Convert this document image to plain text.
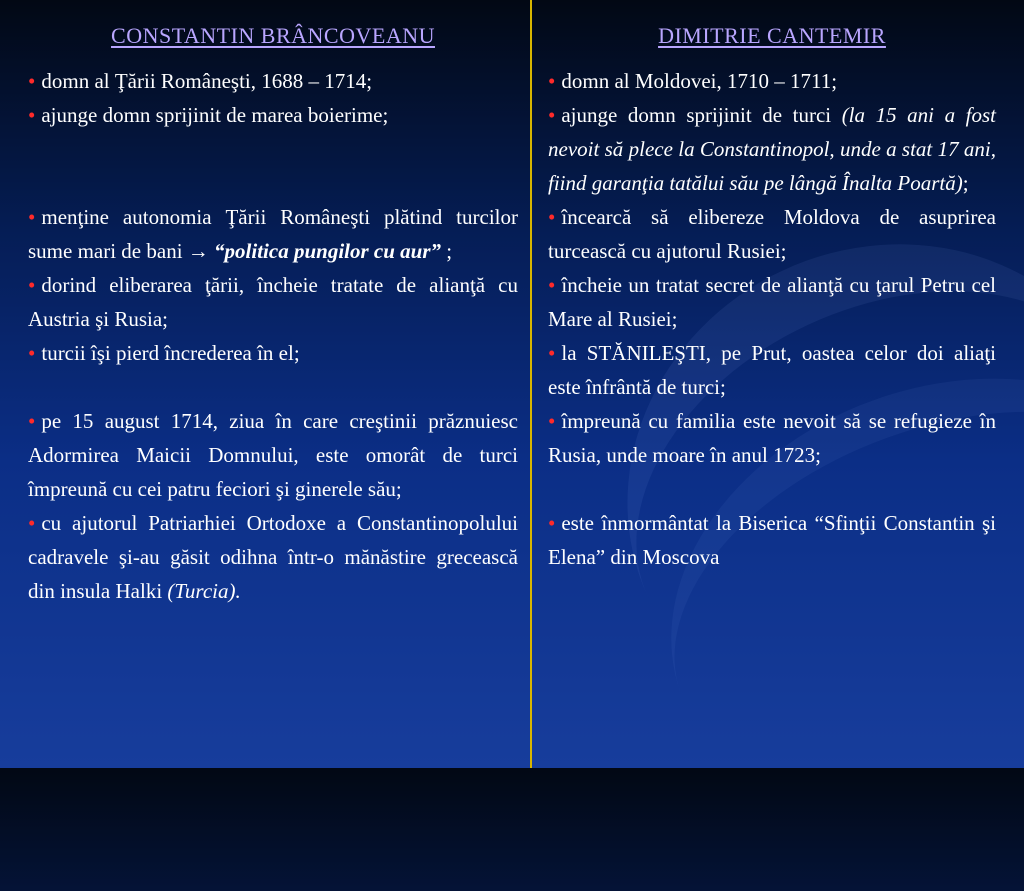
CONSTANTIN BRÂNCOVEANU

• domn al Ţării Româneşti, 1688 – 1714;

• ajunge domn sprijinit de marea boierime;

• menţine autonomia Ţării Româneşti plătind turcilor sume mari de bani → “politica pungilor cu aur” ;

• dorind eliberarea ţării, încheie tratate de alianţă cu Austria şi Rusia;

• turcii îşi pierd încrederea în el;

• pe 15 august 1714, ziua în care creştinii prăznuiesc Adormirea Maicii Domnului, este omorât de turci împreună cu cei patru feciori şi ginerele său;

• cu ajutorul Patriarhiei Ortodoxe a Constantinopolului cadravele şi-au găsit odihna într-o mănăstire grecească din insula Halki (Turcia).

DIMITRIE CANTEMIR

• domn al Moldovei, 1710 – 1711;

• ajunge domn sprijinit de turci (la 15 ani a fost nevoit să plece la Constantinopol, unde a stat 17 ani, fiind garanţia tatălui său pe lângă Înalta Poartă);

• încearcă să elibereze Moldova de asuprirea turcească cu ajutorul Rusiei;

• încheie un tratat secret de alianţă cu ţarul Petru cel Mare al Rusiei;

• la STĂNILEŞTI, pe Prut, oastea celor doi aliaţi este înfrântă de turci;

• împreună cu familia este nevoit să se refugieze în Rusia, unde moare în anul 1723;

• este înmormântat la Biserica “Sfinţii Constantin şi Elena” din Moscova
